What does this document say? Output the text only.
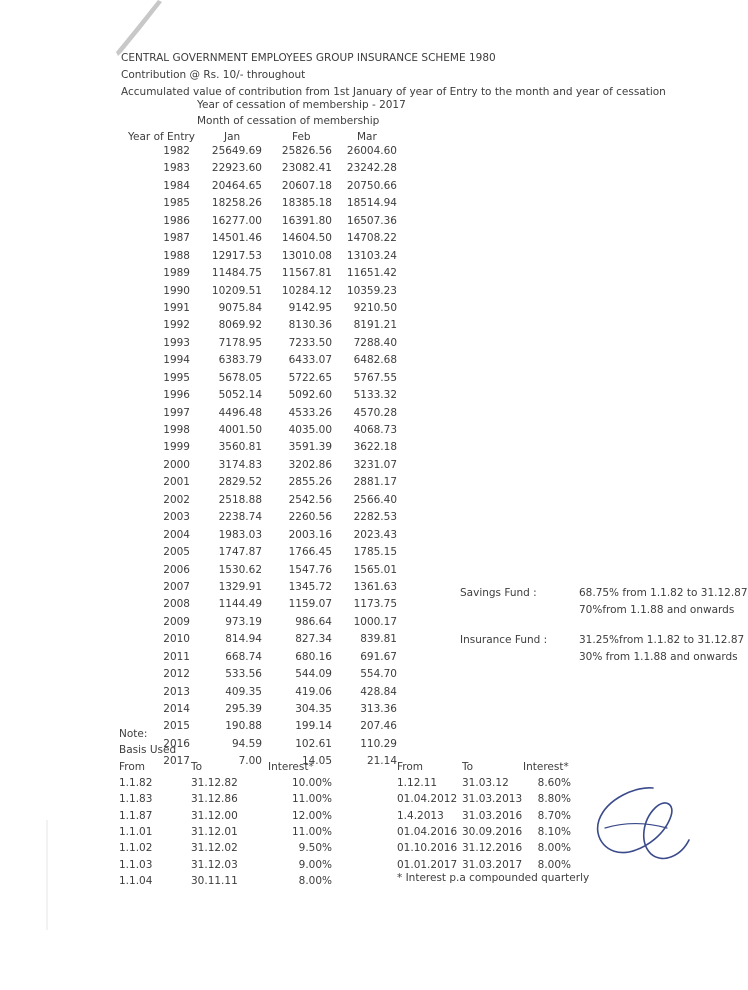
CENTRAL GOVERNMENT EMPLOYEES GROUP INSURANCE SCHEME 1980
Contribution @ Rs. 10/- throughout
Accumulated value of contribution from 1st January of year of Entry to the month and year of cessation
Year of cessation of membership - 2017
Month of cessation of membership
Year of Entry	Jan	Feb	Mar
1982	25649.69	25826.56	26004.60
1983	22923.60	23082.41	23242.28
1984	20464.65	20607.18	20750.66
1985	18258.26	18385.18	18514.94
1986	16277.00	16391.80	16507.36
1987	14501.46	14604.50	14708.22
1988	12917.53	13010.08	13103.24
1989	11484.75	11567.81	11651.42
1990	10209.51	10284.12	10359.23
1991	9075.84	9142.95	9210.50
1992	8069.92	8130.36	8191.21
1993	7178.95	7233.50	7288.40
1994	6383.79	6433.07	6482.68
1995	5678.05	5722.65	5767.55
1996	5052.14	5092.60	5133.32
1997	4496.48	4533.26	4570.28
1998	4001.50	4035.00	4068.73
1999	3560.81	3591.39	3622.18
2000	3174.83	3202.86	3231.07
2001	2829.52	2855.26	2881.17
2002	2518.88	2542.56	2566.40
2003	2238.74	2260.56	2282.53
2004	1983.03	2003.16	2023.43
2005	1747.87	1766.45	1785.15
2006	1530.62	1547.76	1565.01
2007	1329.91	1345.72	1361.63
2008	1144.49	1159.07	1173.75
2009	973.19	986.64	1000.17
2010	814.94	827.34	839.81
2011	668.74	680.16	691.67
2012	533.56	544.09	554.70
2013	409.35	419.06	428.84
2014	295.39	304.35	313.36
2015	190.88	199.14	207.46
2016	94.59	102.61	110.29
2017	7.00	14.05	21.14
Savings Fund :	68.75% from 1.1.82 to 31.12.87
70%from 1.1.88 and onwards
Insurance Fund :	31.25%from 1.1.82 to 31.12.87
30% from 1.1.88 and onwards
Note:
Basis Used
From	To	Interest*	From	To	Interest*
1.1.82	31.12.82	10.00%
1.1.83	31.12.86	11.00%
1.1.87	31.12.00	12.00%
1.1.01	31.12.01	11.00%
1.1.02	31.12.02	9.50%
1.1.03	31.12.03	9.00%
1.1.04	30.11.11	8.00%
1.12.11 31.03.12	8.60%
01.04.2012 31.03.2013	8.80%
1.4.2013 31.03.2016	8.70%
01.04.2016 30.09.2016	8.10%
01.10.2016 31.12.2016	8.00%
01.01.2017 31.03.2017	8.00%
* Interest p.a compounded quarterly
